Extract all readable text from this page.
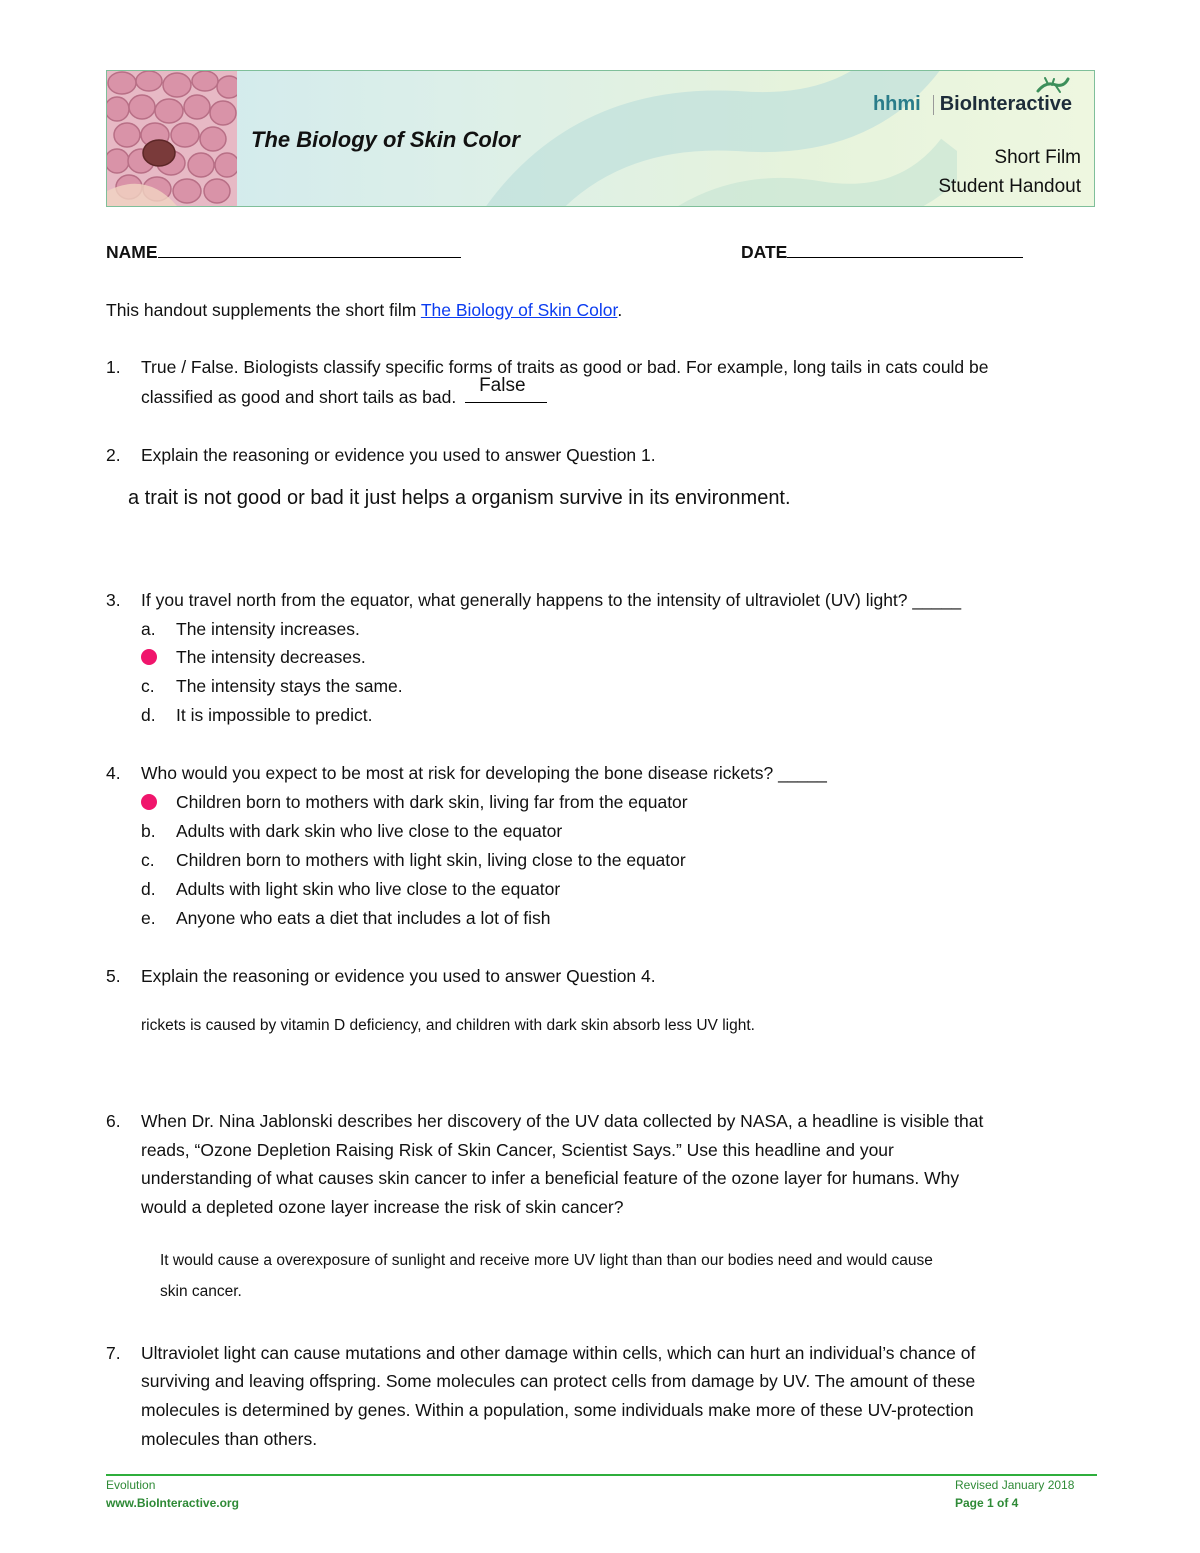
The Biology of Skin Color
hhmi BioInteractive
Short Film
Student Handout
NAME	DATE
This handout supplements the short film The Biology of Skin Color.
1. True / False. Biologists classify specific forms of traits as good or bad. For example, long tails in cats could be
classified as good and short tails as bad.
False
2. Explain the reasoning or evidence you used to answer Question 1.
a trait is not good or bad it just helps a organism survive in its environment.
3. If you travel north from the equator, what generally happens to the intensity of ultraviolet (UV) light? _____
a. The intensity increases.
The intensity decreases.
c. The intensity stays the same.
d. It is impossible to predict.
4. Who would you expect to be most at risk for developing the bone disease rickets? _____
Children born to mothers with dark skin, living far from the equator
b. Adults with dark skin who live close to the equator
c. Children born to mothers with light skin, living close to the equator
d. Adults with light skin who live close to the equator
e. Anyone who eats a diet that includes a lot of fish
5. Explain the reasoning or evidence you used to answer Question 4.
rickets is caused by vitamin D deficiency, and children with dark skin absorb less UV light.
6. When Dr. Nina Jablonski describes her discovery of the UV data collected by NASA, a headline is visible that
reads, “Ozone Depletion Raising Risk of Skin Cancer, Scientist Says.” Use this headline and your
understanding of what causes skin cancer to infer a beneficial feature of the ozone layer for humans. Why
would a depleted ozone layer increase the risk of skin cancer?
It would cause a overexposure of sunlight and receive more UV light than than our bodies need and would cause
skin cancer.
7. Ultraviolet light can cause mutations and other damage within cells, which can hurt an individual’s chance of
surviving and leaving offspring. Some molecules can protect cells from damage by UV. The amount of these
molecules is determined by genes. Within a population, some individuals make more of these UV-protection
molecules than others.
Evolution
www.BioInteractive.org
Revised January 2018
Page 1 of 4
